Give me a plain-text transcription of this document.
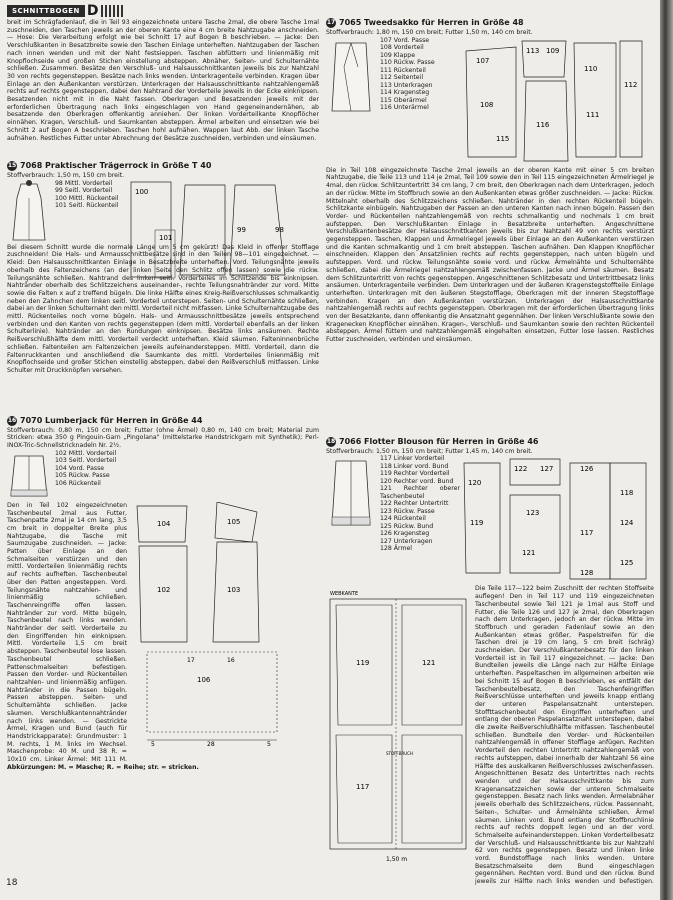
SCHNITTBOGEN D

breit im Schrägfadenlauf, die in Teil 93 eingezeichnete untere Tasche 2mal, die obere Tasche 1mal zuschneiden, den Taschen jeweils an der oberen Kante eine 4 cm breite Nahtzugabe anschneiden. — Hose: Die Verarbeitung erfolgt wie bei Schnitt 17 auf Bogen B beschrieben. — Jacke: Den Verschlußkanten in Besatzbreite sowie den Taschen Einlage unterheften. Nahtzugaben der Taschen nach innen wenden und mit der Naht festsieppen. Taschen abfüttern und linienmäßig mit Knopflochseide und großen Stichen einstellung absteppen. Abnäher, Seiten- und Schulternähte schließen. Zusammen. Besätze den Verschluß- und Halsausschnittkanten jeweils bis zur Nahtzahl 30 von rechts gegensteppen. Besätze nach links wenden. Unterkragenteile verbinden. Kragen über Einlage an den Außenkanten verstürzen. Unterkragen der Halsausschnittkante nahtzahlengemäß rechts auf rechts gegensteppen, dabei den Nahtrand der Vorderteile jeweils in der Ecke einknipsen. Besatzenden nicht mit in die Naht fassen. Oberkragen und Besatzenden jeweils mit der erforderlichen Übertragung nach links eingeschlagen von Hand gegeneinandernähen, ab besatzende den Oberkragen offenkantig anniehen. Der linken Vorderteilkante Knopflöcher einnähen. Kragen, Verschluß- und Saumkanten absteppen. Ärmel arbeiten und einsetzen wie bei Schnitt 2 auf Bogen A beschrieben. Taschen hohl aufnähen. Wappen laut Abb. der linken Tasche aufnähen. Restliches Futter unter Abrechnung der Besätze zuschneiden, verbinden und einsäumen.

15 7068 Praktischer Trägerrock in Größe T 40

Stoffverbrauch: 1,50 m, 150 cm breit.

98 Mittl. Vorderteil
99 Seitl. Vorderteil
100 Mittl. Rückenteil
101 Seitl. Rückenteil
100
99	98
101

Bei diesem Schnitt wurde die normale Länge um 5 cm gekürzt! Das Kleid in offener Stofflage zuschneiden! Die Hals- und Armausschnittbesätze sind in den Teilen 98—101 eingezeichnet. — Kleid: Den Halsausschnittkanten Einlage in Besatzbreite unterheften. Vord. Teilungsnähte jeweils oberhalb des Faltenzeichens (an der linken Seite den Schlitz offen lassen) sowie die rückw. Teilungsnähte schließen. Nahtrand des linken seitl. Vorderteiles im Schlitzende bis einknipsen. Nahtränder oberhalb des Schlitzzeichens auseinander-, rechte Teilungsnahtränder zur vord. Mitte sowie die Falten x auf z treffend bügeln. Die linke Hälfte eines Kreig-Reißverschlusses schmalkantig neben den Zahnchen dem linken seitl. Vorderteil unterstepen. Seiten- und Schulternähte schließen, dabei an der linken Schulternaht den mittl. Vorderteil nicht mitfassen. Linke Schulternahtzugabe des mittl. Rückenteiles noch vorne bügeln. Hals- und Armausschnittbesätze jeweils entsprechend verbinden und den Kanten von rechts gegensteppen (dem mittl. Vorderteil ebenfalls an der linken Schulterlinie). Nahtränder an den Rundungen einknipsen. Besätze links ansäumen. Rechte Reißverschlußhälfte dem mittl. Vorderteil verdeckt unterheften. Kleid säumen. Falteninnenbrüche schließen. Faltenteilen am Faltenzeichen jeweils aufeinandersteppen. Mittl. Vorderteil, dann die Faltenruckkanten und anschließend die Saumkante des mittl. Vorderteiles linienmäßig mit Knopflochseide und großer Stichen einstellig absteppen, dabei den Reißverschluß mitfassen. Linke Schulter mit Druckknöpfen versehen.

16 7070 Lumberjack für Herren in Größe 44

Stoffverbrauch: 0,80 m, 150 cm breit; Futter (ohne Ärmel) 0,80 m, 140 cm breit; Material zum Stricken: etwa 350 g Pingouin-Garn „Pingolana" (mittelstarke Handstrickgarn mit Synthetik); Perl-INOX-Tric-Schnellstricknadeln Nr. 2½.

102 Mittl. Vorderteil
103 Seitl. Vorderteil
104 Vord. Passe
105 Rückw. Passe
106 Rückenteil

Den in Teil 102 eingezeichneten Taschenbeutel 2mal aus Futter, Taschenpatte 2mal je 14 cm lang, 3,5 cm breit in doppelter Breite plus Nahtzugabe, die Tasche mit Saumzugabe zuschneiden. — Jacke: Patten über Einlage an den Schmalseiten verstürzen und den mittl. Vorderteilen linienmäßig rechts auf rechts aufheften. Taschenbeutel über den Patten angesteppen. Vord. Teilungsnähte nahtzahlen- und linienmäßig schließen. Taschenreingriffe offen lassen. Nahtränder zur vord. Mitte bügeln, Taschenbeutel nach links wenden. Nahtränder der seitl. Vorderteile zu den Eingriffenden hin einknipsen. Mittl. Vorderteile 1,5 cm breit absteppen. Taschenbeutel lose lassen. Taschenbeutel schließen. Pattenschmalseiten befestigen. Passen den Vorder- und Rückenteilen nahtzahlen- und linienmäßig anfügen. Nahtränder in die Passen bügeln. Passen absteppen. Seiten- und Schulternähte schließen. Jacke säumen. Verschlußkantennahtränder nach links wenden. — Gestrickte Ärmel, Kragen und Bund (auch für Handstrickapparate): Grundmuster: 1 M. rechts, 1 M. links im Wechsel. Maschenprobe: 40 M. und 38 R. = 10x10 cm. Linker Ärmel: Mit 111 M.

104	105
102	103
106
17	16
5	28	5

Abkürzungen: M. = Masche; R. = Reihe; str. = stricken.

17 7065 Tweedsakko für Herren in Größe 48

Stoffverbrauch: 1,80 m, 150 cm breit; Futter 1,50 m, 140 cm breit.

107 Vord. Passe
108 Vorderteil
109 Klappe
110 Rückw. Passe
111 Rückenteil
112 Seitenteil
113 Unterkragen
114 Kragensteg
115 Oberärmel
116 Unterärmel
113 109
107
108
110
111
112
116
115

Die in Teil 108 eingezeichnete Tasche 2mal jeweils an der oberen Kante mit einer 5 cm breiten Nahtzugabe, die Teile 113 und 114 je 2mal, Teil 109 sowie den in Teil 115 eingezeichneten Ärmelriegel je 4mal, den rückw. Schlitzuntertritt 34 cm lang, 7 cm breit, den Oberkragen nach dem Unterkragen, jedoch an der rückw. Mitte im Stoffbruch sowie an den Außenkanten etwas größer zuschneiden. — Jacke: Rückw. Mittelnaht oberhalb des Schlitzzeichens schließen. Nahtränder in den rechten Rückenteil bügeln. Schlitzkante einbügeln. Nahtzugaben der Passen an den unteren Kanten nach innen bügeln. Passen den Vorder- und Rückenteilen nahtzahlengemäß von rechts schmalkantig und nochmals 1 cm breit aufsteppen. Den Verschlußkanten Einlage in Besatzbreite unterheften. Angeschnittene Verschlußkantenbesätze der Halsausschnittkanten jeweils bis zur Nahtzahl 49 von rechts verstürzt gegensteppen. Taschen, Klappen und Ärmelriegel jeweils über Einlage an den Außenkanten verstürzen und die Kanten schmalkantig und 1 cm breit absteppen. Taschen aufnähen. Den Klappen Knopflöcher einschneiden. Klappen den Ansatzlinien rechts auf rechts gegensteppen, nach unten bügeln und aufsteppen. Vord. und rückw. Teilungsnähte sowie vord. und rückw. Ärmelnähte und Schulternähte schließen, dabei die Ärmelriegel nahtzahlengemäß zwischenfassen. Jacke und Ärmel säumen. Besatz dem Schlitzuntertritt von rechts gegensteppen. Angeschnittenen Schlitzbesatz und Untertrittbesatz links ansäumen. Unterkragenteile verbinden. Dem Unterkragen und der äußeren Kragenstegstoffteile Einlage unterheften. Unterkragen mit den äußeren Stegstofflage, Oberkragen mit der inneren Stegstofflage verbinden. Kragen an den Außenkanten verstürzen. Unterkragen der Halsausschnittkante nahtzahlengemäß rechts auf rechts gegensteppen. Oberkragen mit der erforderlichen Übertragung links von der Besatzkante, dann offenkantig die Ansatznaht gegennähen. Der linken Verschlußkante sowie den Kragenecken Knopflöcher einnähen. Kragen-, Verschluß- und Saumkanten sowie den rechten Rückenteil absteppen. Ärmel füttern und nahtzahlengemäß eingehalten einsetzen, Futter lose lassen. Restliches Futter zuschneiden, verbinden und einsäumen.

18 7066 Flotter Blouson für Herren in Größe 46

Stoffverbrauch: 1,50 m, 150 cm breit; Futter 1,45 m, 140 cm breit.

117 Linker Vorderteil
118 Linker vord. Bund
119 Rechter Vorderteil
120 Rechter vord. Bund
121 Rechter oberer Taschenbeutel
122 Rechter Untertritt
123 Rückw. Passe
124 Rückenteil
125 Rückw. Bund
126 Kragensteg
127 Unterkragen
128 Ärmel
122 127	126
120
118
119	124
117
121
123
125
128
WEBKANTE
119	121
117
STOFFBRUCH
1,50 m

Die Teile 117—122 beim Zuschnitt der rechten Stoffseite auflegen! Den in Teil 117 und 119 eingezeichneten Taschenbeutel sowie Teil 121 je 1mal aus Stoff und Futter, die Teile 126 und 127 je 2mal, den Oberkragen nach dem Unterkragen, jedoch an der rückw. Mitte im Stoffbruch und geraden Fadenlauf sowie an den Außenkanten etwas größer, Paspelstreifen für die Taschen drei je 19 cm lang, 5 cm breit (schräg) zuschneiden. Der Verschlußkantenbesatz für den linken Vorderteil ist in Teil 117 eingezeichnet. — Jacke: Den Bundteilen jeweils die Länge nach zur Hälfte Einlage unterheften. Paspeltaschen im allgemeinen arbeiten wie bei Schnitt 15 auf Bogen B beschrieben, es entfällt der Taschenbeutelbesatz, den Taschenfeingriffen Reißverschlüsse unterheften und jeweils knapp entlang der unteren Paspelansatznaht unterstepen. Stoffttaschenbeutel den Eingriffen unterheften und entlang der oberen Paspelansatznaht unterstepen, dabei die zweite Reißverschlußhälfte mitfassen. Taschenbeutel schließen. Bundteile den Vorder- und Rückenteilen nahtzahlengemäß in offener Stofflage anfügen. Rechten Vorderteil den rechten Untertritt nahtzahlengemäß von rechts aufsteppen, dabei innerhalb der Nahtzahl 56 eine Hälfte des auskalkaren Reißverschlusses zwischenfassen. Angeschnittenen Besatz des Untertrittes nach rechts wenden und der Halsausschnittkante bis zum Kragenansatzzeichen sowie der unteren Schmalseite gegensteppen. Besatz nach links wenden. Ärmelabnäher jeweils oberhalb des Schlitzzeichens, rückw. Passennaht, Seiten-, Schulter- und Ärmelnähte schließen. Ärmel säumen. Linken vord. Bund entlang der Stoffbruchlinie rechts auf rechts doppelt legen und an der vord. Schmalseite aufeinandersteppen. Linken Vorderteilbesatz der Verschluß- und Halsausschnittkante bis zur Nahtzahl 62 von rechts gegensteppen. Besatz und linken linke vord. Bundstofflage nach links wenden. Untere Besatzschmalseite dem Bund eingeschlagen gegennähen. Rechten vord. Bund und den rückw. Bund jeweils zur Hälfte nach links wenden und befestigen.

18
